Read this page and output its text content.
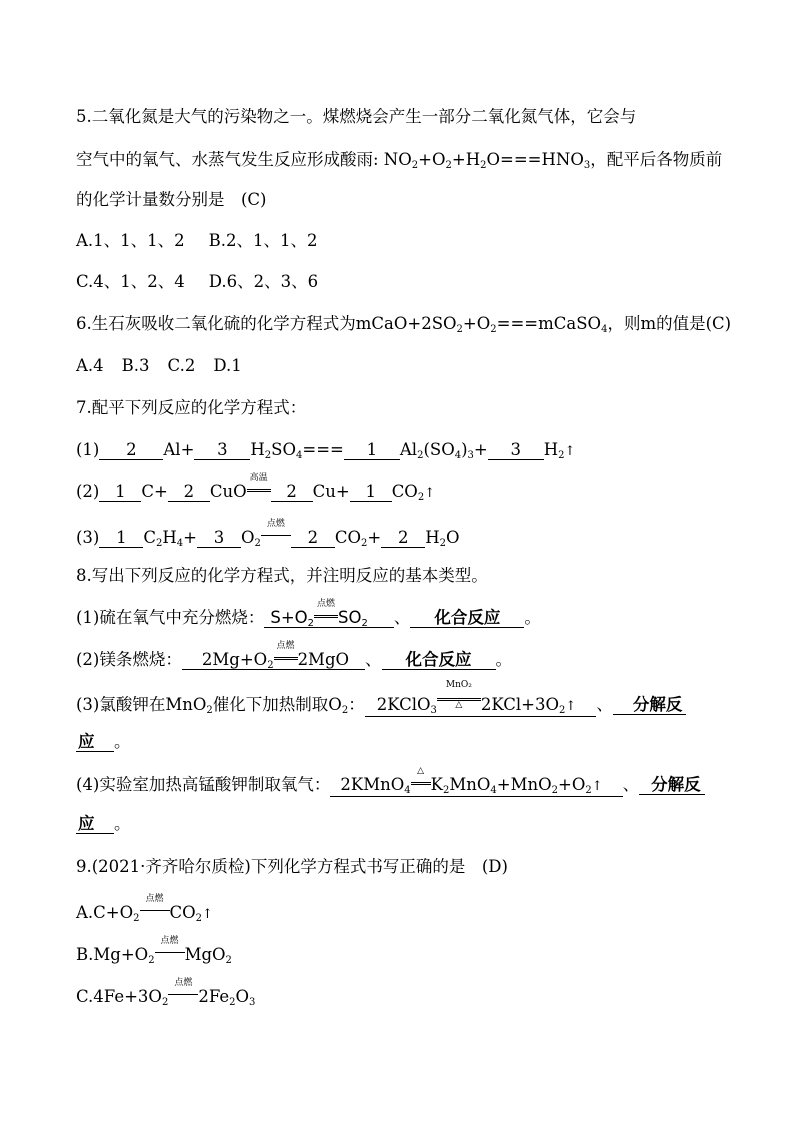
5.二氧化氮是大气的污染物之一。煤燃烧会产生一部分二氧化氮气体，它会与
空气中的氧气、水蒸气发生反应形成酸雨: $NO_2+O_2+H_2O===HNO_3$，配平后各物质前
的化学计量数分别是　(C)
A.1、1、1、2 B.2、1、1、2
C.4、1、2、4 D.6、2、3、6
6.生石灰吸收二氧化硫的化学方程式为$mCaO+2SO_2+O_2===mCaSO_4$，则m的值是(C)
A.4 B.3 C.2 D.1
7.配平下列反应的化学方程式：
(1) 2 Al+ 3 $H_2SO_4=== 1$ $Al_2(SO_4)_3+ 3$ $H_2↑$
(2) 1 C+ 2 CuO
高温
2 Cu+ 1 $CO_2↑$
(3) 1 $C_2H_4+ 3$ $O_2$
点燃
2 $CO_2+ 2$ $H_2O$
8.写出下列反应的化学方程式，并注明反应的基本类型。
(1)硫在氧气中充分燃烧： $S+O_2$
点燃
$SO_2$ 、 化合反应 。
(2)镁条燃烧： $2Mg+O_2$
点燃
2MgO 、 化合反应 。
(3)氯酸钾在MnO$_2$催化下加热制取$O_2$： 2KClO$_3$
MnO₂
△	$2KCl+3O_2↑$ 、 分解反
应 。
(4)实验室加热高锰酸钾制取氧气： 2KMnO$_4$
△
$K_2MnO_4+MnO_2+O_2↑$ 、 分解反
应 。
9.(2021·齐齐哈尔质检)下列化学方程式书写正确的是　(D)
$A.C+O_2$
点燃
$CO_2↑$
$B.Mg+O_2$
点燃
MgO$_2$
$C.4Fe+3O_2$
点燃
$2Fe_2O_3$
